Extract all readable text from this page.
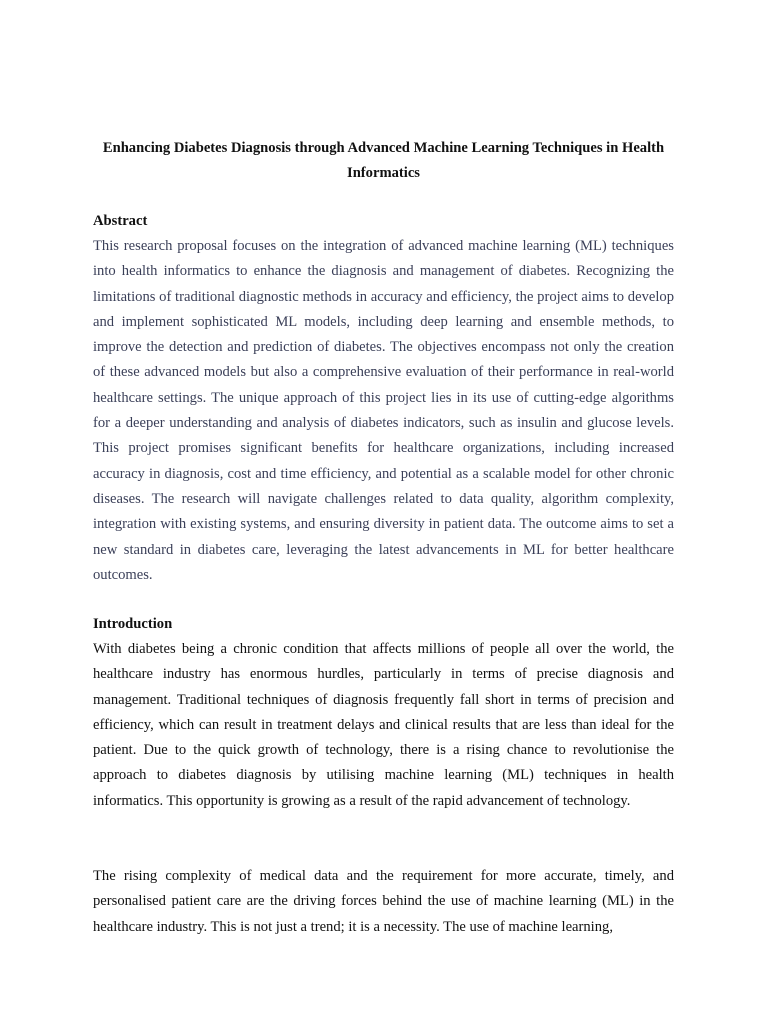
Enhancing Diabetes Diagnosis through Advanced Machine Learning Techniques in Health Informatics
Abstract

This research proposal focuses on the integration of advanced machine learning (ML) techniques into health informatics to enhance the diagnosis and management of diabetes. Recognizing the limitations of traditional diagnostic methods in accuracy and efficiency, the project aims to develop and implement sophisticated ML models, including deep learning and ensemble methods, to improve the detection and prediction of diabetes. The objectives encompass not only the creation of these advanced models but also a comprehensive evaluation of their performance in real-world healthcare settings. The unique approach of this project lies in its use of cutting-edge algorithms for a deeper understanding and analysis of diabetes indicators, such as insulin and glucose levels. This project promises significant benefits for healthcare organizations, including increased accuracy in diagnosis, cost and time efficiency, and potential as a scalable model for other chronic diseases. The research will navigate challenges related to data quality, algorithm complexity, integration with existing systems, and ensuring diversity in patient data. The outcome aims to set a new standard in diabetes care, leveraging the latest advancements in ML for better healthcare outcomes.

Introduction

With diabetes being a chronic condition that affects millions of people all over the world, the healthcare industry has enormous hurdles, particularly in terms of precise diagnosis and management. Traditional techniques of diagnosis frequently fall short in terms of precision and efficiency, which can result in treatment delays and clinical results that are less than ideal for the patient. Due to the quick growth of technology, there is a rising chance to revolutionise the approach to diabetes diagnosis by utilising machine learning (ML) techniques in health informatics. This opportunity is growing as a result of the rapid advancement of technology.

The rising complexity of medical data and the requirement for more accurate, timely, and personalised patient care are the driving forces behind the use of machine learning (ML) in the healthcare industry. This is not just a trend; it is a necessity. The use of machine learning,
